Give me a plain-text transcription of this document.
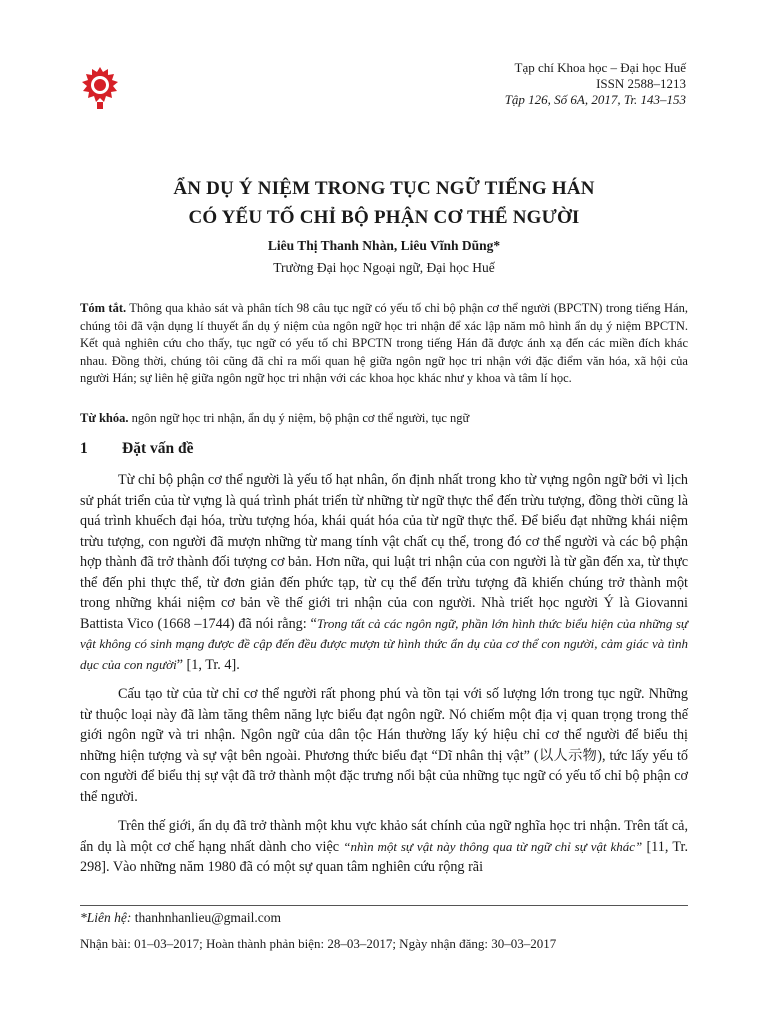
Tạp chí Khoa học – Đại học Huế
ISSN 2588–1213
Tập 126, Số 6A, 2017, Tr. 143–153
ẨN DỤ Ý NIỆM TRONG TỤC NGỮ TIẾNG HÁN
CÓ YẾU TỐ CHỈ BỘ PHẬN CƠ THỂ NGƯỜI
Liêu Thị Thanh Nhàn, Liêu Vĩnh Dũng*
Trường Đại học Ngoại ngữ, Đại học Huế
Tóm tắt. Thông qua khảo sát và phân tích 98 câu tục ngữ có yếu tố chỉ bộ phận cơ thể người (BPCTN) trong tiếng Hán, chúng tôi đã vận dụng lí thuyết ẩn dụ ý niệm của ngôn ngữ học tri nhận để xác lập năm mô hình ẩn dụ ý niệm BPCTN. Kết quả nghiên cứu cho thấy, tục ngữ có yếu tố chỉ BPCTN trong tiếng Hán đã được ánh xạ đến các miền đích khác nhau. Đồng thời, chúng tôi cũng đã chỉ ra mối quan hệ giữa ngôn ngữ học tri nhận với đặc điểm văn hóa, xã hội của người Hán; sự liên hệ giữa ngôn ngữ học tri nhận với các khoa học khác như y khoa và tâm lí học.
Từ khóa. ngôn ngữ học tri nhận, ẩn dụ ý niệm, bộ phận cơ thể người, tục ngữ
1 Đặt vấn đề

Từ chỉ bộ phận cơ thể người là yếu tố hạt nhân, ổn định nhất trong kho từ vựng ngôn ngữ bởi vì lịch sử phát triển của từ vựng là quá trình phát triển từ những từ ngữ thực thể đến trừu tượng, đồng thời cũng là quá trình khuếch đại hóa, trừu tượng hóa, khái quát hóa của từ ngữ thực thể. Để biểu đạt những khái niệm trừu tượng, con người đã mượn những từ mang tính vật chất cụ thể, trong đó cơ thể người và các bộ phận hợp thành đã trở thành đối tượng cơ bản. Hơn nữa, qui luật tri nhận của con người là từ gần đến xa, từ thực thể đến phi thực thể, từ đơn giản đến phức tạp, từ cụ thể đến trừu tượng đã khiến chúng trở thành một trong những khái niệm cơ bản về thế giới tri nhận của con người. Nhà triết học người Ý là Giovanni Battista Vico (1668 –1744) đã nói rằng: “Trong tất cả các ngôn ngữ, phần lớn hình thức biểu hiện của những sự vật không có sinh mạng được đề cập đến đều được mượn từ hình thức ẩn dụ của cơ thể con người, cảm giác và tình dục của con người” [1, Tr. 4].

Cấu tạo từ của từ chỉ cơ thể người rất phong phú và tồn tại với số lượng lớn trong tục ngữ. Những từ thuộc loại này đã làm tăng thêm năng lực biểu đạt ngôn ngữ. Nó chiếm một địa vị quan trọng trong thế giới ngôn ngữ và tri nhận. Ngôn ngữ của dân tộc Hán thường lấy ký hiệu chỉ cơ thể người để biểu thị những hiện tượng và sự vật bên ngoài. Phương thức biểu đạt “Dĩ nhân thị vật” (以人示物), tức lấy yếu tố con người để biểu thị sự vật đã trở thành một đặc trưng nổi bật của những tục ngữ có yếu tố chỉ bộ phận cơ thể người.

Trên thế giới, ẩn dụ đã trở thành một khu vực khảo sát chính của ngữ nghĩa học tri nhận. Trên tất cả, ẩn dụ là một cơ chế hạng nhất dành cho việc “nhìn một sự vật này thông qua từ ngữ chỉ sự vật khác” [11, Tr. 298]. Vào những năm 1980 đã có một sự quan tâm nghiên cứu rộng rãi

*Liên hệ: thanhnhanlieu@gmail.com
Nhận bài: 01–03–2017; Hoàn thành phản biện: 28–03–2017; Ngày nhận đăng: 30–03–2017
